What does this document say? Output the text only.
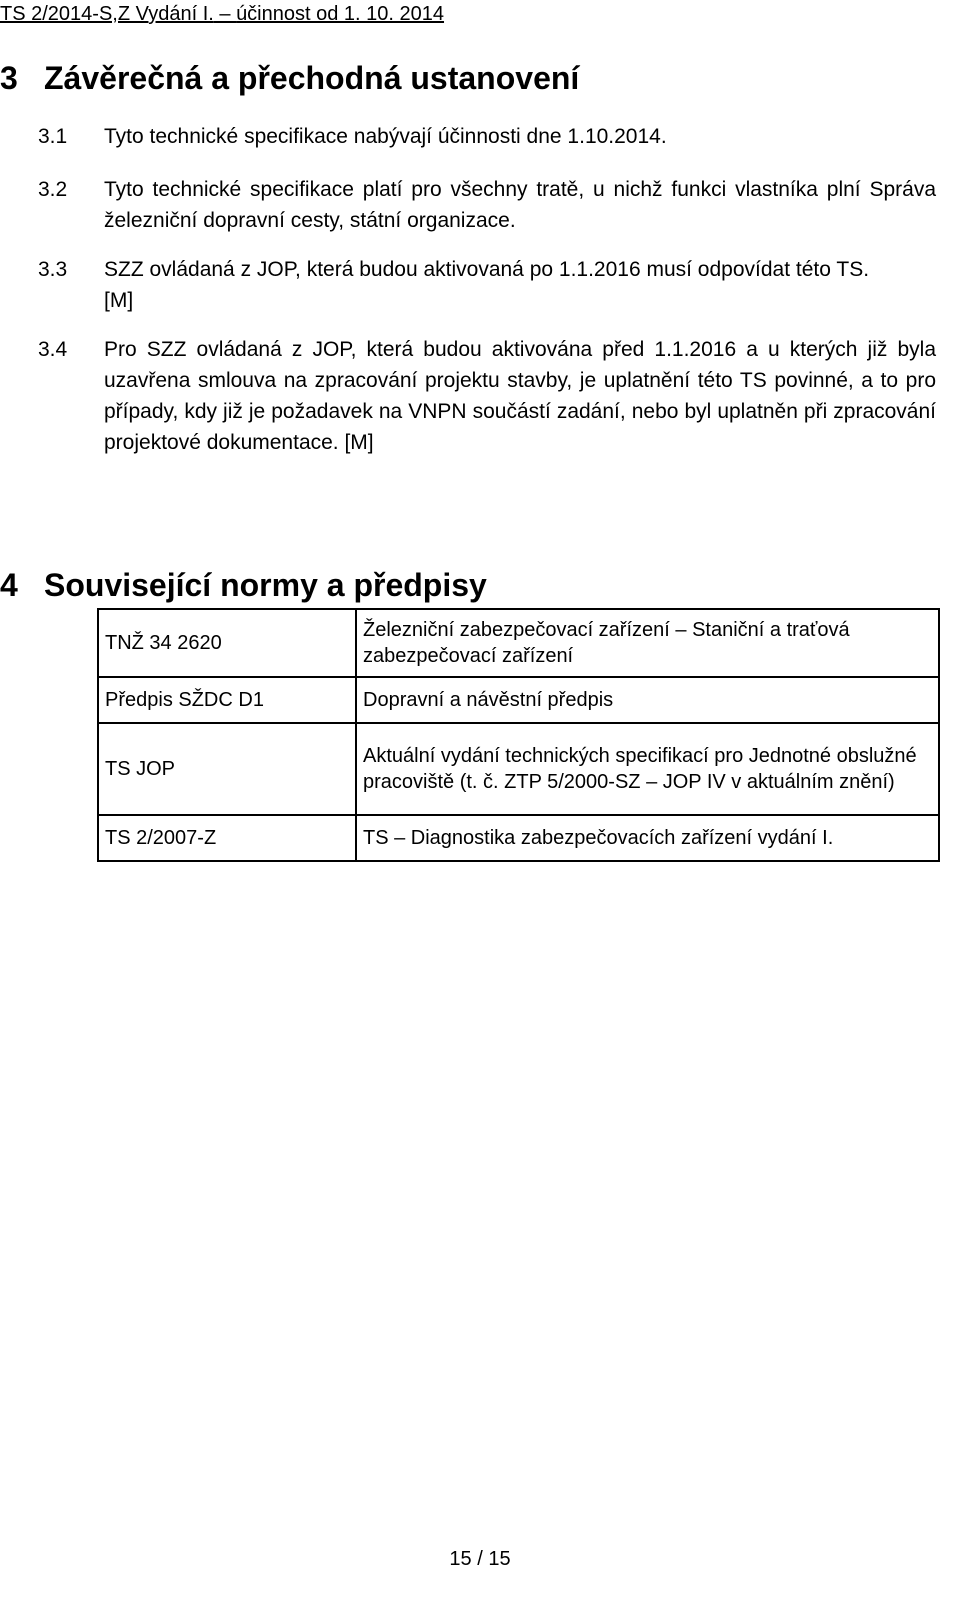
TS 2/2014-S,Z Vydání I. – účinnost od 1. 10. 2014
3 Závěrečná a přechodná ustanovení
3.1	Tyto technické specifikace nabývají účinnosti dne 1.10.2014.
3.2	Tyto technické specifikace platí pro všechny tratě, u nichž funkci vlastníka plní Správa železniční dopravní cesty, státní organizace.
3.3	SZZ ovládaná z JOP, která budou aktivovaná po 1.1.2016 musí odpovídat této TS. [M]
3.4	Pro SZZ ovládaná z JOP, která budou aktivována před 1.1.2016 a u kterých již byla uzavřena smlouva na zpracování projektu stavby, je uplatnění této TS povinné, a to pro případy, kdy již je požadavek na VNPN součástí zadání, nebo byl uplatněn při zpracování projektové dokumentace. [M]
4 Související normy a předpisy
TNŽ 34 2620	Železniční zabezpečovací zařízení – Staniční a traťová zabezpečovací zařízení
Předpis SŽDC D1	Dopravní a návěstní předpis
TS JOP	Aktuální vydání technických specifikací pro Jednotné obslužné pracoviště (t. č. ZTP 5/2000-SZ – JOP IV v aktuálním znění)
TS 2/2007-Z	TS – Diagnostika zabezpečovacích zařízení vydání I.
15 / 15
